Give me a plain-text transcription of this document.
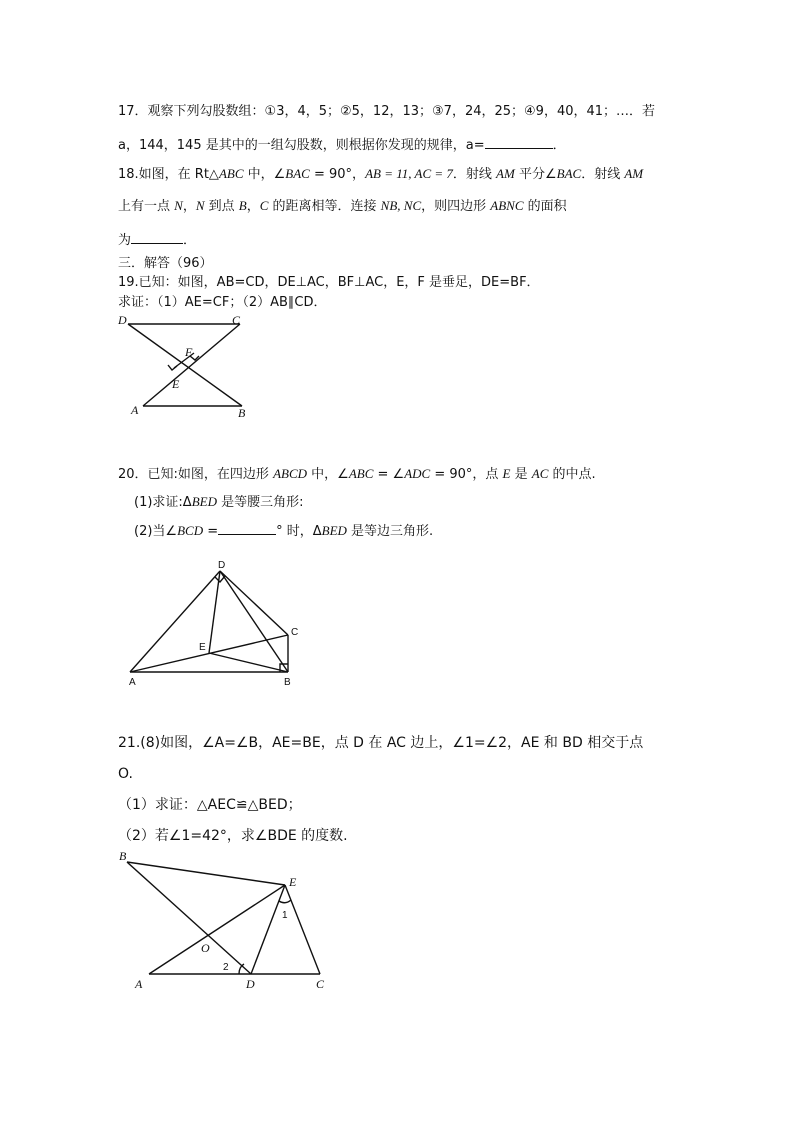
17．观察下列勾股数组：①3，4，5；②5，12，13；③7，24，25；④9，40，41；…．若
a，144，145 是其中的一组勾股数，则根据你发现的规律，a=	．
18.如图，在 Rt△ABC 中，∠BAC = 90°，AB = 11, AC = 7．射线 AM 平分∠BAC．射线 AM
上有一点 N，N 到点 B，C 的距离相等．连接 NB, NC，则四边形 ABNC 的面积
为	．
三．解答（96）
19.已知：如图，AB=CD，DE⊥AC，BF⊥AC，E，F 是垂足，DE=BF．
求证：（1）AE=CF；（2）AB∥CD．
D	C
F
E
A	B
20．已知:如图，在四边形 ABCD 中，∠ABC = ∠ADC = 90°，点 E 是 AC 的中点.
(1)求证:ΔBED 是等腰三角形:
(2)当∠BCD =	° 时，ΔBED 是等边三角形.
D
C
E
A	B
21.(8)如图，∠A=∠B，AE=BE，点 D 在 AC 边上，∠1=∠2，AE 和 BD 相交于点
O.
（1）求证：△AEC≌△BED；
（2）若∠1=42°，求∠BDE 的度数.
B
E
1
O
2
A	D	C
